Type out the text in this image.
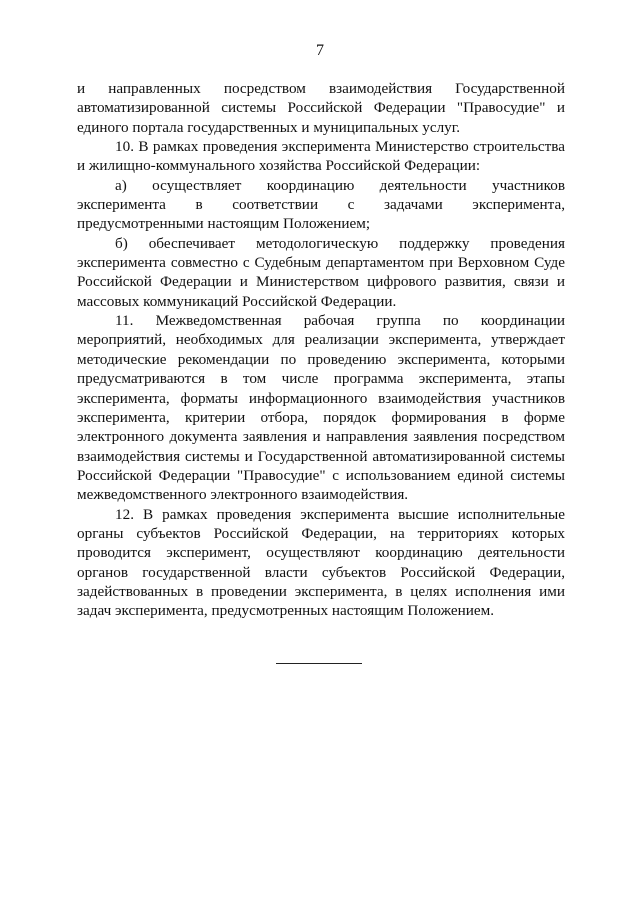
7

и направленных посредством взаимодействия Государственной автоматизированной системы Российской Федерации "Правосудие" и единого портала государственных и муниципальных услуг.

10. В рамках проведения эксперимента Министерство строительства и жилищно-коммунального хозяйства Российской Федерации:

а) осуществляет координацию деятельности участников эксперимента в соответствии с задачами эксперимента, предусмотренными настоящим Положением;

б) обеспечивает методологическую поддержку проведения эксперимента совместно с Судебным департаментом при Верховном Суде Российской Федерации и Министерством цифрового развития, связи и массовых коммуникаций Российской Федерации.

11. Межведомственная рабочая группа по координации мероприятий, необходимых для реализации эксперимента, утверждает методические рекомендации по проведению эксперимента, которыми предусматриваются в том числе программа эксперимента, этапы эксперимента, форматы информационного взаимодействия участников эксперимента, критерии отбора, порядок формирования в форме электронного документа заявления и направления заявления посредством взаимодействия системы и Государственной автоматизированной системы Российской Федерации "Правосудие" с использованием единой системы межведомственного электронного взаимодействия.

12. В рамках проведения эксперимента высшие исполнительные органы субъектов Российской Федерации, на территориях которых проводится эксперимент, осуществляют координацию деятельности органов государственной власти субъектов Российской Федерации, задействованных в проведении эксперимента, в целях исполнения ими задач эксперимента, предусмотренных настоящим Положением.
